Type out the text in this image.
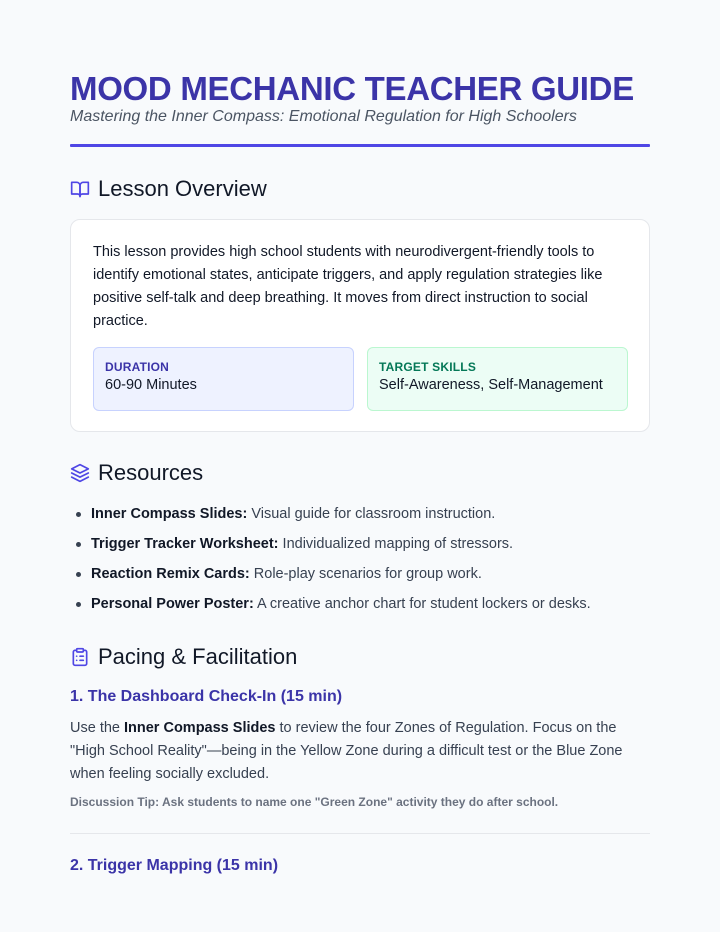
MOOD MECHANIC TEACHER GUIDE
Mastering the Inner Compass: Emotional Regulation for High Schoolers
Lesson Overview

This lesson provides high school students with neurodivergent-friendly tools to identify emotional states, anticipate triggers, and apply regulation strategies like positive self-talk and deep breathing. It moves from direct instruction to social practice.

DURATION
60-90 Minutes
TARGET SKILLS
Self-Awareness, Self-Management
Resources
Inner Compass Slides: Visual guide for classroom instruction.
Trigger Tracker Worksheet: Individualized mapping of stressors.
Reaction Remix Cards: Role-play scenarios for group work.
Personal Power Poster: A creative anchor chart for student lockers or desks.
Pacing & Facilitation
1. The Dashboard Check-In (15 min)

Use the Inner Compass Slides to review the four Zones of Regulation. Focus on the "High School Reality"—being in the Yellow Zone during a difficult test or the Blue Zone when feeling socially excluded.

Discussion Tip: Ask students to name one "Green Zone" activity they do after school.
2. Trigger Mapping (15 min)
